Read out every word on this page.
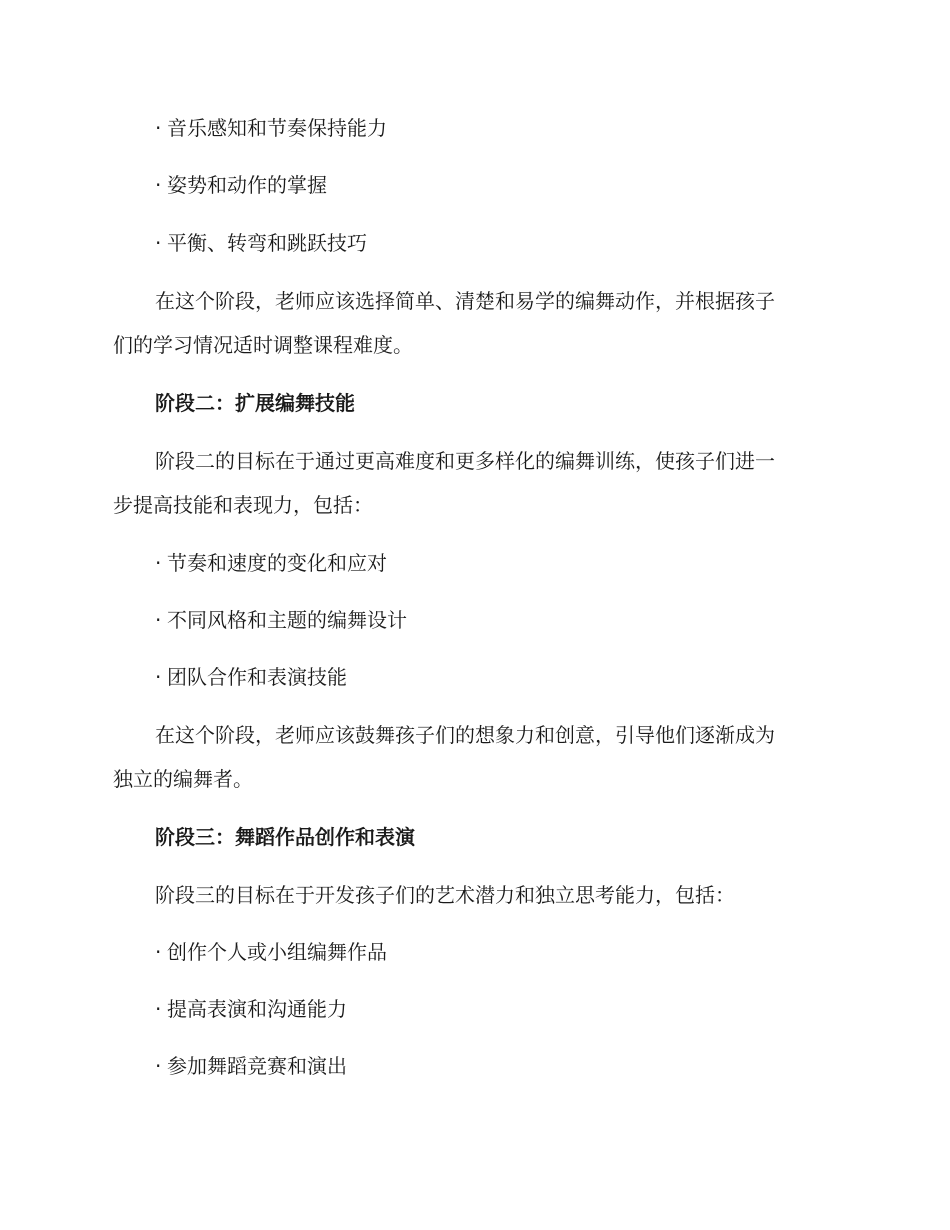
· 音乐感知和节奏保持能力
· 姿势和动作的掌握
· 平衡、转弯和跳跃技巧
在这个阶段，老师应该选择简单、清楚和易学的编舞动作，并根据孩子
们的学习情况适时调整课程难度。
阶段二：扩展编舞技能
阶段二的目标在于通过更高难度和更多样化的编舞训练，使孩子们进一
步提高技能和表现力，包括：
· 节奏和速度的变化和应对
· 不同风格和主题的编舞设计
· 团队合作和表演技能
在这个阶段，老师应该鼓舞孩子们的想象力和创意，引导他们逐渐成为
独立的编舞者。
阶段三：舞蹈作品创作和表演
阶段三的目标在于开发孩子们的艺术潜力和独立思考能力，包括：
· 创作个人或小组编舞作品
· 提高表演和沟通能力
· 参加舞蹈竞赛和演出
